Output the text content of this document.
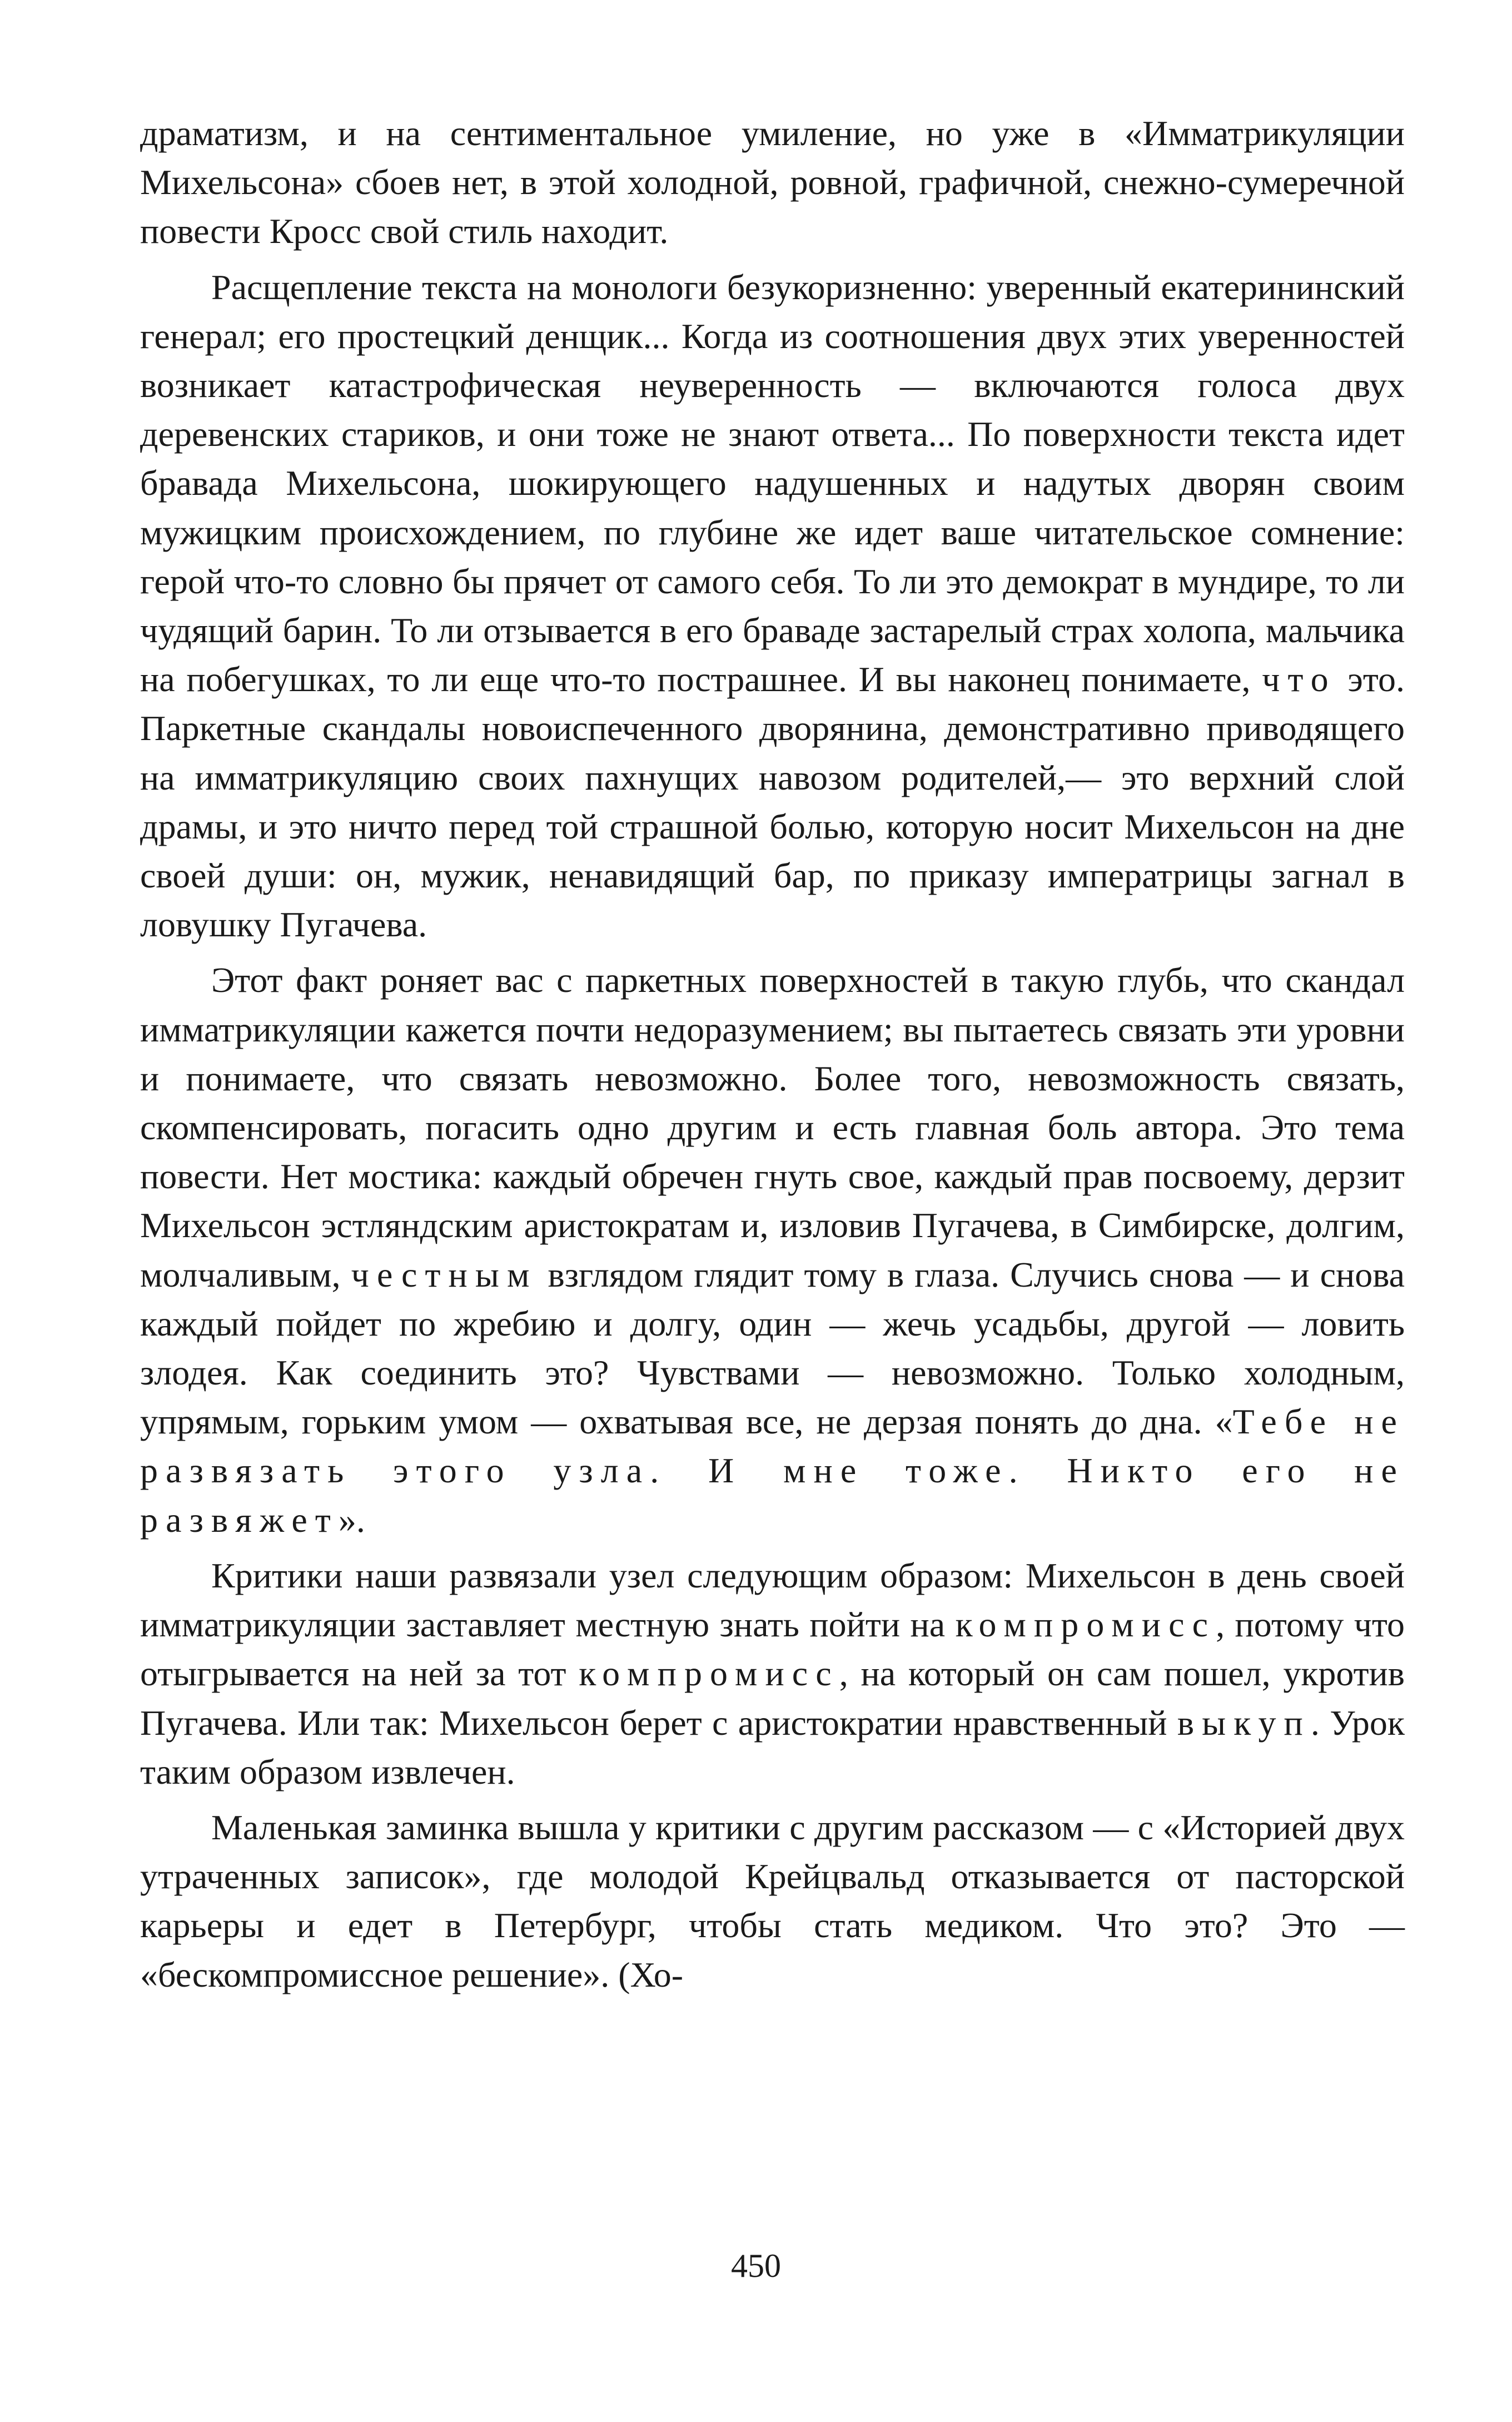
драматизм, и на сентиментальное умиление, но уже в «Имматрикуляции Михельсона» сбоев нет, в этой холодной, ровной, графичной, снежно-сумеречной повести Кросс свой стиль находит.

Расщепление текста на монологи безукоризненно: уверенный екатерининский генерал; его простецкий денщик... Когда из соотношения двух этих уверенностей возникает катастрофическая неуверенность — включаются голоса двух деревенских стариков, и они тоже не знают ответа... По поверхности текста идет бравада Михельсона, шокирующего надушенных и надутых дворян своим мужицким происхождением, по глубине же идет ваше читательское сомнение: герой что-то словно бы прячет от самого себя. То ли это демократ в мундире, то ли чудящий барин. То ли отзывается в его браваде застарелый страх холопа, мальчика на побегушках, то ли еще что-то пострашнее. И вы наконец понимаете, что это. Паркетные скандалы новоиспеченного дворянина, демонстративно приводящего на имматрикуляцию своих пахнущих навозом родителей,— это верхний слой драмы, и это ничто перед той страшной болью, которую носит Михельсон на дне своей души: он, мужик, ненавидящий бар, по приказу императрицы загнал в ловушку Пугачева.

Этот факт роняет вас с паркетных поверхностей в такую глубь, что скандал имматрикуляции кажется почти недоразумением; вы пытаетесь связать эти уровни и понимаете, что связать невозможно. Более того, невозможность связать, скомпенсировать, погасить одно другим и есть главная боль автора. Это тема повести. Нет мостика: каждый обречен гнуть свое, каждый прав посвоему, дерзит Михельсон эстляндским аристократам и, изловив Пугачева, в Симбирске, долгим, молчаливым, честным взглядом глядит тому в глаза. Случись снова — и снова каждый пойдет по жребию и долгу, один — жечь усадьбы, другой — ловить злодея. Как соединить это? Чувствами — невозможно. Только холодным, упрямым, горьким умом — охватывая все, не дерзая понять до дна. «Тебе не развязать этого узла. И мне тоже. Никто его не развяжет».

Критики наши развязали узел следующим образом: Михельсон в день своей имматрикуляции заставляет местную знать пойти на компромисс, потому что отыгрывается на ней за тот компромисс, на который он сам пошел, укротив Пугачева. Или так: Михельсон берет с аристократии нравственный выкуп. Урок таким образом извлечен.

Маленькая заминка вышла у критики с другим рассказом — с «Историей двух утраченных записок», где молодой Крейцвальд отказывается от пасторской карьеры и едет в Петербург, чтобы стать медиком. Что это? Это — «бескомпромиссное решение». (Хо-

450
